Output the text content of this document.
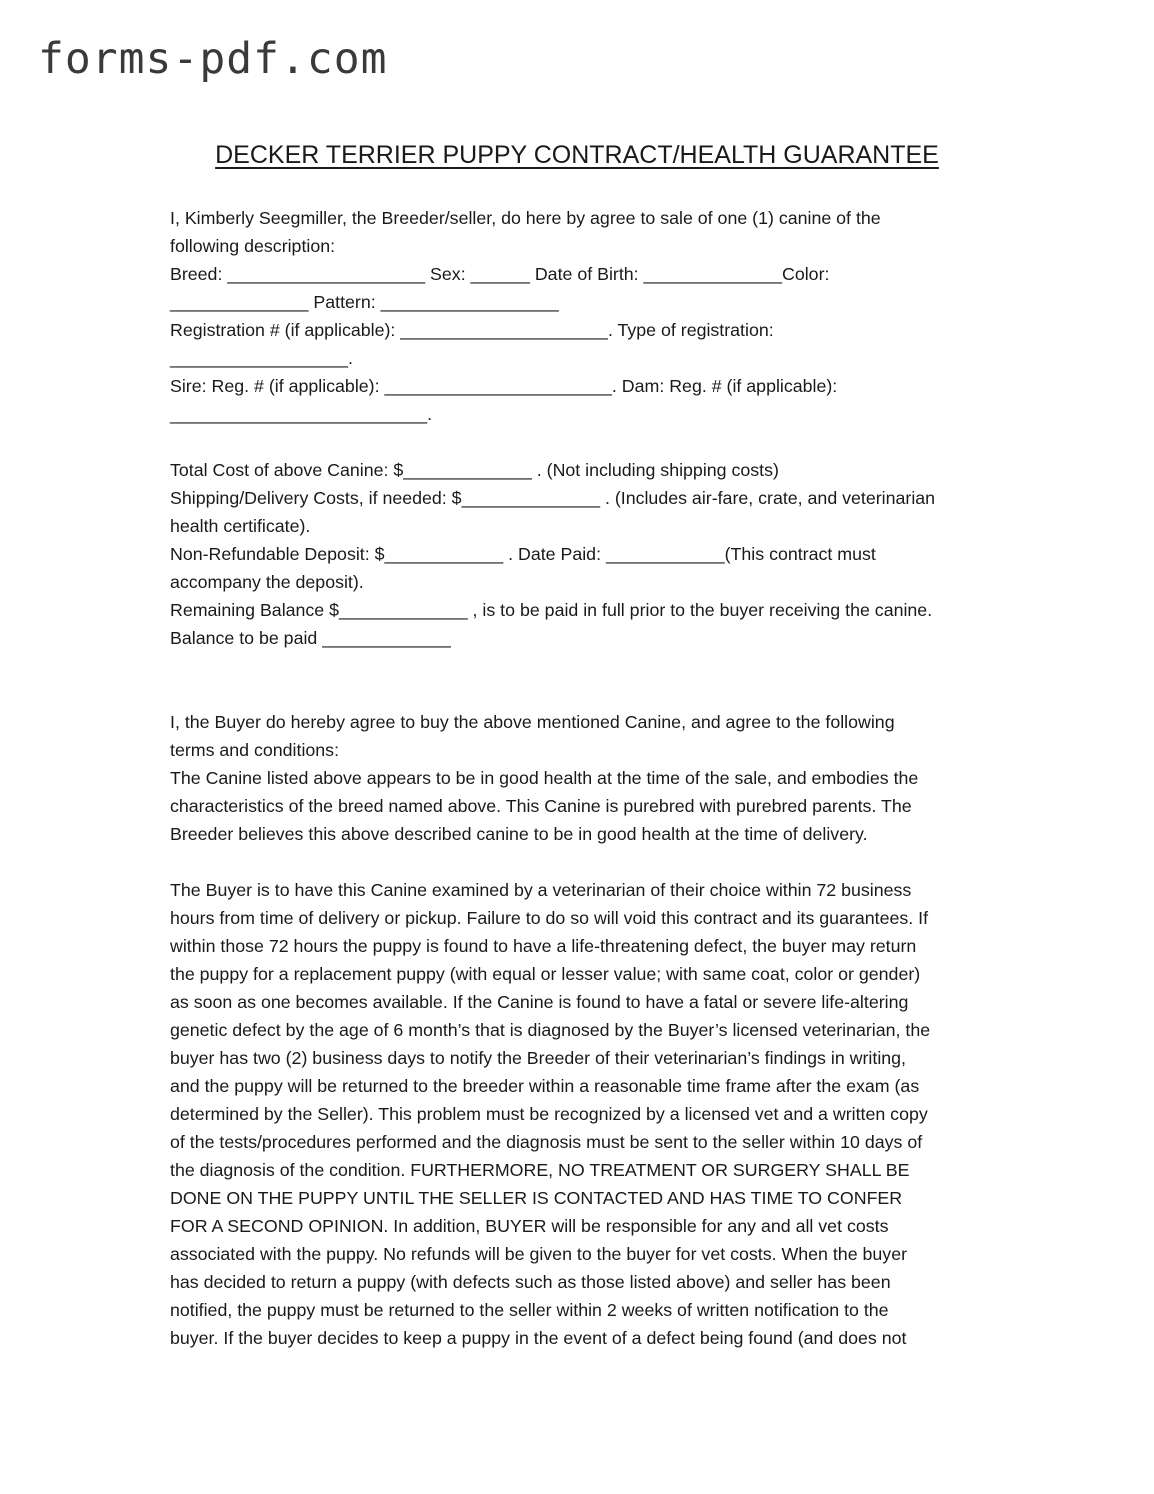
forms-pdf.com
DECKER TERRIER PUPPY CONTRACT/HEALTH GUARANTEE
I, Kimberly Seegmiller, the Breeder/seller, do here by agree to sale of one (1) canine of the
following description:
Breed: ____________________ Sex: ______ Date of Birth: ______________Color:
______________ Pattern: __________________
Registration # (if applicable): _____________________. Type of registration:
__________________.
Sire: Reg. # (if applicable): _______________________. Dam: Reg. # (if applicable):
__________________________.
Total Cost of above Canine: $_____________ . (Not including shipping costs)
Shipping/Delivery Costs, if needed: $______________ . (Includes air-fare, crate, and veterinarian
health certificate).
Non-Refundable Deposit: $____________ . Date Paid: ____________(This contract must
accompany the deposit).
Remaining Balance $_____________ , is to be paid in full prior to the buyer receiving the canine.
Balance to be paid _____________
I, the Buyer do hereby agree to buy the above mentioned Canine, and agree to the following
terms and conditions:
The Canine listed above appears to be in good health at the time of the sale, and embodies the
characteristics of the breed named above. This Canine is purebred with purebred parents. The
Breeder believes this above described canine to be in good health at the time of delivery.
The Buyer is to have this Canine examined by a veterinarian of their choice within 72 business
hours from time of delivery or pickup. Failure to do so will void this contract and its guarantees. If
within those 72 hours the puppy is found to have a life-threatening defect, the buyer may return
the puppy for a replacement puppy (with equal or lesser value; with same coat, color or gender)
as soon as one becomes available. If the Canine is found to have a fatal or severe life-altering
genetic defect by the age of 6 month’s that is diagnosed by the Buyer’s licensed veterinarian, the
buyer has two (2) business days to notify the Breeder of their veterinarian’s findings in writing,
and the puppy will be returned to the breeder within a reasonable time frame after the exam (as
determined by the Seller). This problem must be recognized by a licensed vet and a written copy
of the tests/procedures performed and the diagnosis must be sent to the seller within 10 days of
the diagnosis of the condition. FURTHERMORE, NO TREATMENT OR SURGERY SHALL BE
DONE ON THE PUPPY UNTIL THE SELLER IS CONTACTED AND HAS TIME TO CONFER
FOR A SECOND OPINION. In addition, BUYER will be responsible for any and all vet costs
associated with the puppy. No refunds will be given to the buyer for vet costs. When the buyer
has decided to return a puppy (with defects such as those listed above) and seller has been
notified, the puppy must be returned to the seller within 2 weeks of written notification to the
buyer. If the buyer decides to keep a puppy in the event of a defect being found (and does not
